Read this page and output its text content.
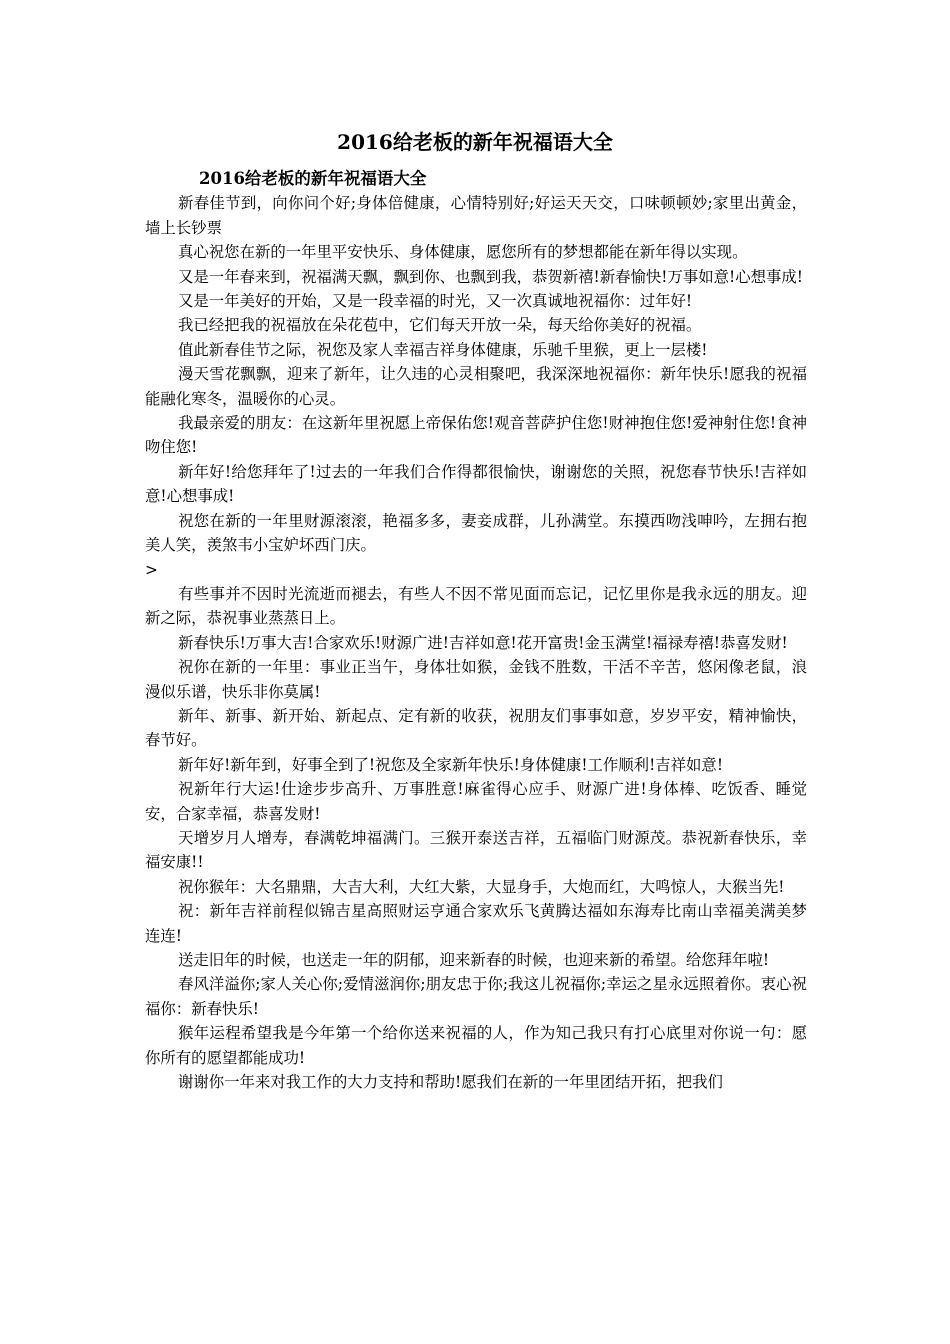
2016给老板的新年祝福语大全
2016给老板的新年祝福语大全

新春佳节到，向你问个好;身体倍健康，心情特别好;好运天天交，口味顿顿妙;家里出黄金，墙上长钞票

真心祝您在新的一年里平安快乐、身体健康，愿您所有的梦想都能在新年得以实现。

又是一年春来到，祝福满天飘，飘到你、也飘到我，恭贺新禧!新春愉快!万事如意!心想事成!

又是一年美好的开始，又是一段幸福的时光，又一次真诚地祝福你：过年好!

我已经把我的祝福放在朵花苞中，它们每天开放一朵，每天给你美好的祝福。

值此新春佳节之际，祝您及家人幸福吉祥身体健康，乐驰千里猴，更上一层楼!

漫天雪花飘飘，迎来了新年，让久违的心灵相聚吧，我深深地祝福你：新年快乐!愿我的祝福能融化寒冬，温暖你的心灵。

我最亲爱的朋友：在这新年里祝愿上帝保佑您!观音菩萨护住您!财神抱住您!爱神射住您!食神吻住您!

新年好!给您拜年了!过去的一年我们合作得都很愉快，谢谢您的关照，祝您春节快乐!吉祥如意!心想事成!

祝您在新的一年里财源滚滚，艳福多多，妻妾成群，儿孙满堂。东摸西吻浅呻吟，左拥右抱美人笑，羡煞韦小宝妒坏西门庆。

>

有些事并不因时光流逝而褪去，有些人不因不常见面而忘记，记忆里你是我永远的朋友。迎新之际，恭祝事业蒸蒸日上。

新春快乐!万事大吉!合家欢乐!财源广进!吉祥如意!花开富贵!金玉满堂!福禄寿禧!恭喜发财!

祝你在新的一年里：事业正当午，身体壮如猴，金钱不胜数，干活不辛苦，悠闲像老鼠，浪漫似乐谱，快乐非你莫属!

新年、新事、新开始、新起点、定有新的收获，祝朋友们事事如意，岁岁平安，精神愉快，春节好。

新年好!新年到，好事全到了!祝您及全家新年快乐!身体健康!工作顺利!吉祥如意!

祝新年行大运!仕途步步高升、万事胜意!麻雀得心应手、财源广进!身体棒、吃饭香、睡觉安，合家幸福，恭喜发财!

天增岁月人增寿，春满乾坤福满门。三猴开泰送吉祥，五福临门财源茂。恭祝新春快乐，幸福安康!!

祝你猴年：大名鼎鼎，大吉大利，大红大紫，大显身手，大炮而红，大鸣惊人，大猴当先!

祝：新年吉祥前程似锦吉星高照财运亨通合家欢乐飞黄腾达福如东海寿比南山幸福美满美梦连连!

送走旧年的时候，也送走一年的阴郁，迎来新春的时候，也迎来新的希望。给您拜年啦!

春风洋溢你;家人关心你;爱情滋润你;朋友忠于你;我这儿祝福你;幸运之星永远照着你。衷心祝福你：新春快乐!

猴年运程希望我是今年第一个给你送来祝福的人，作为知己我只有打心底里对你说一句：愿你所有的愿望都能成功!

谢谢你一年来对我工作的大力支持和帮助!愿我们在新的一年里团结开拓，把我们
